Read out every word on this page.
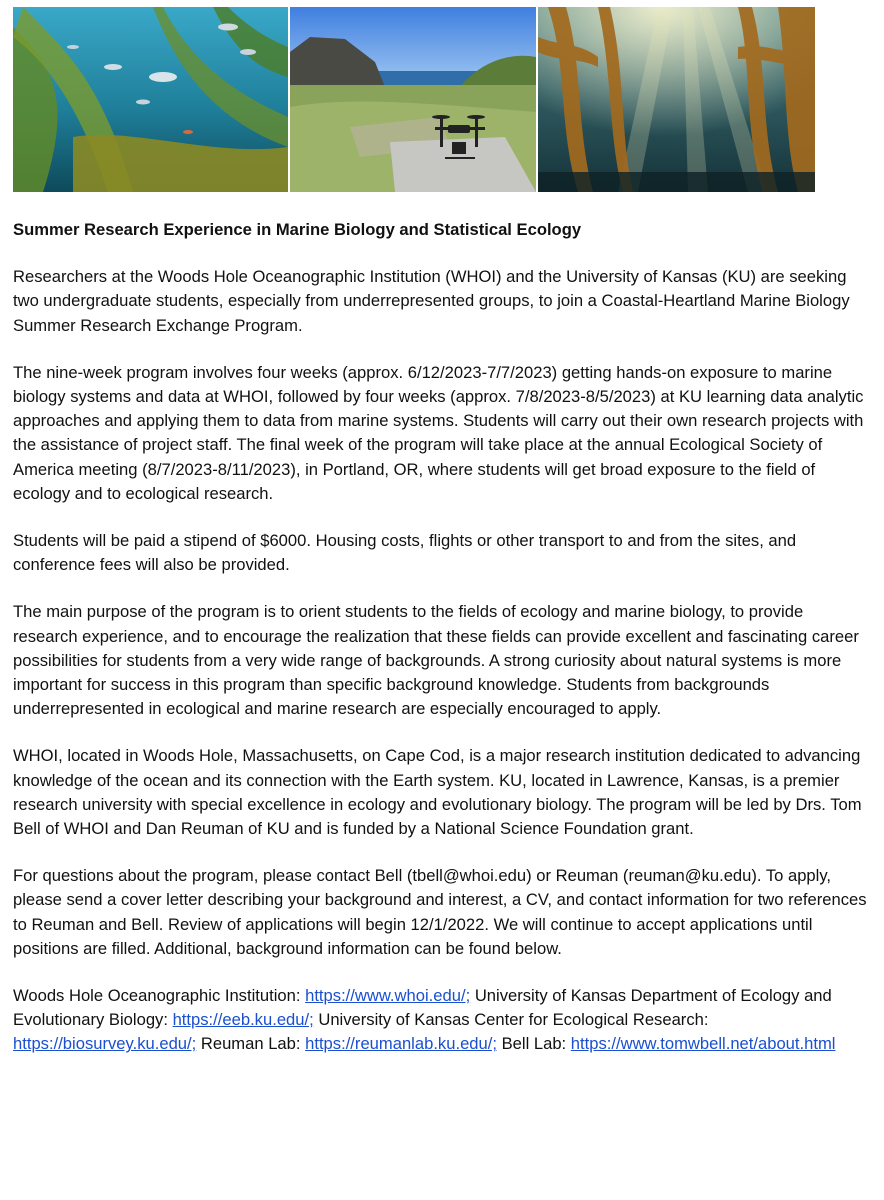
Summer Research Experience in Marine Biology and Statistical Ecology

Researchers at the Woods Hole Oceanographic Institution (WHOI) and the University of Kansas (KU) are seeking two undergraduate students, especially from underrepresented groups, to join a Coastal-Heartland Marine Biology Summer Research Exchange Program.

The nine-week program involves four weeks (approx. 6/12/2023-7/7/2023) getting hands-on exposure to marine biology systems and data at WHOI, followed by four weeks (approx. 7/8/2023-8/5/2023) at KU learning data analytic approaches and applying them to data from marine systems. Students will carry out their own research projects with the assistance of project staff. The final week of the program will take place at the annual Ecological Society of America meeting (8/7/2023-8/11/2023), in Portland, OR, where students will get broad exposure to the field of ecology and to ecological research.

Students will be paid a stipend of $6000. Housing costs, flights or other transport to and from the sites, and conference fees will also be provided.

The main purpose of the program is to orient students to the fields of ecology and marine biology, to provide research experience, and to encourage the realization that these fields can provide excellent and fascinating career possibilities for students from a very wide range of backgrounds. A strong curiosity about natural systems is more important for success in this program than specific background knowledge. Students from backgrounds underrepresented in ecological and marine research are especially encouraged to apply.

WHOI, located in Woods Hole, Massachusetts, on Cape Cod, is a major research institution dedicated to advancing knowledge of the ocean and its connection with the Earth system. KU, located in Lawrence, Kansas, is a premier research university with special excellence in ecology and evolutionary biology. The program will be led by Drs. Tom Bell of WHOI and Dan Reuman of KU and is funded by a National Science Foundation grant.

For questions about the program, please contact Bell (tbell@whoi.edu) or Reuman (reuman@ku.edu). To apply, please send a cover letter describing your background and interest, a CV, and contact information for two references to Reuman and Bell. Review of applications will begin 12/1/2022. We will continue to accept applications until positions are filled. Additional, background information can be found below.

Woods Hole Oceanographic Institution: https://www.whoi.edu/; University of Kansas Department of Ecology and Evolutionary Biology: https://eeb.ku.edu/; University of Kansas Center for Ecological Research: https://biosurvey.ku.edu/; Reuman Lab: https://reumanlab.ku.edu/; Bell Lab: https://www.tomwbell.net/about.html
